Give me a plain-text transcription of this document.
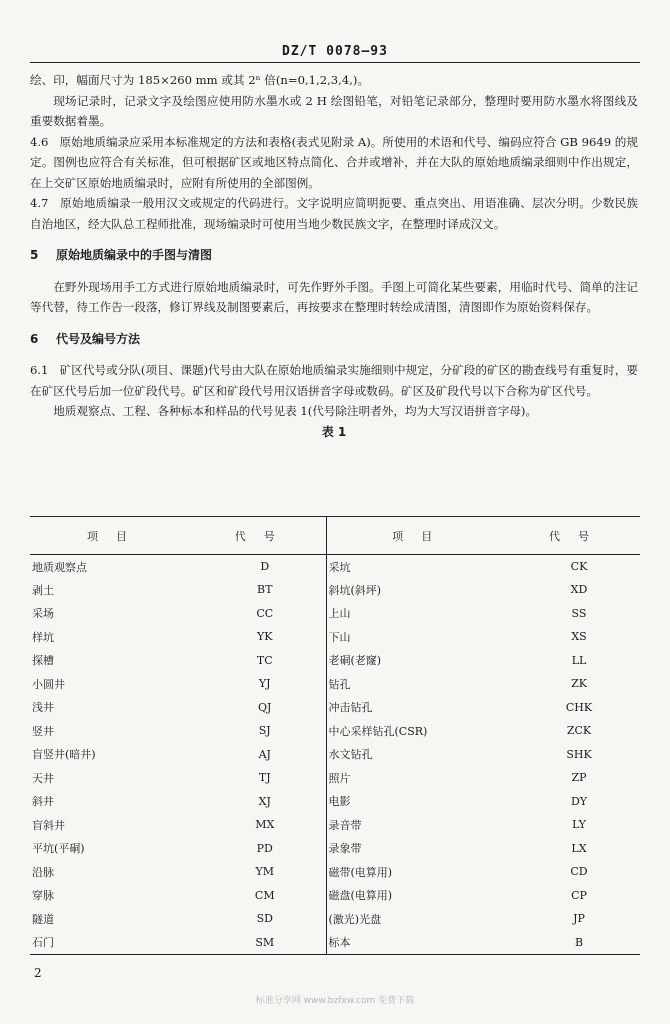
DZ/T 0078—93

绘、印，幅面尺寸为 185×260 mm 或其 2ⁿ 倍(n=0,1,2,3,4,)。

现场记录时，记录文字及绘图应使用防水墨水或 2 H 绘图铅笔，对铅笔记录部分，整理时要用防水墨水将图线及重要数据着墨。

4.6 原始地质编录应采用本标准规定的方法和表格(表式见附录 A)。所使用的术语和代号、编码应符合 GB 9649 的规定。图例也应符合有关标准，但可根据矿区或地区特点简化、合并或增补，并在大队的原始地质编录细则中作出规定，在上交矿区原始地质编录时，应附有所使用的全部图例。

4.7 原始地质编录一般用汉文或规定的代码进行。文字说明应简明扼要、重点突出、用语准确、层次分明。少数民族自治地区，经大队总工程师批准，现场编录时可使用当地少数民族文字，在整理时译成汉文。

5 原始地质编录中的手图与清图

在野外现场用手工方式进行原始地质编录时，可先作野外手图。手图上可简化某些要素，用临时代号、简单的注记等代替，待工作告一段落，修订界线及制图要素后，再按要求在整理时转绘成清图，清图即作为原始资料保存。

6 代号及编号方法

6.1 矿区代号或分队(项目、课题)代号由大队在原始地质编录实施细则中规定，分矿段的矿区的勘查线号有重复时，要在矿区代号后加一位矿段代号。矿区和矿段代号用汉语拼音字母或数码。矿区及矿段代号以下合称为矿区代号。

地质观察点、工程、各种标本和样品的代号见表 1(代号除注明者外，均为大写汉语拼音字母)。

表 1

项目	代号	项目	代号
地质观察点	D	采坑	CK
剥土	BT	斜坑(斜坪)	XD
采场	CC	上山	SS
样坑	YK	下山	XS
探槽	TC	老硐(老窿)	LL
小圆井	YJ	钻孔	ZK
浅井	QJ	冲击钻孔	CHK
竖井	SJ	中心采样钻孔(CSR)	ZCK
盲竖井(暗井)	AJ	水文钻孔	SHK
天井	TJ	照片	ZP
斜井	XJ	电影	DY
盲斜井	MX	录音带	LY
平坑(平硐)	PD	录象带	LX
沿脉	YM	磁带(电算用)	CD
穿脉	CM	磁盘(电算用)	CP
隧道	SD	(激光)光盘	JP
石门	SM	标本	B
2
标准分享网 www.bzfxw.com 免费下载
